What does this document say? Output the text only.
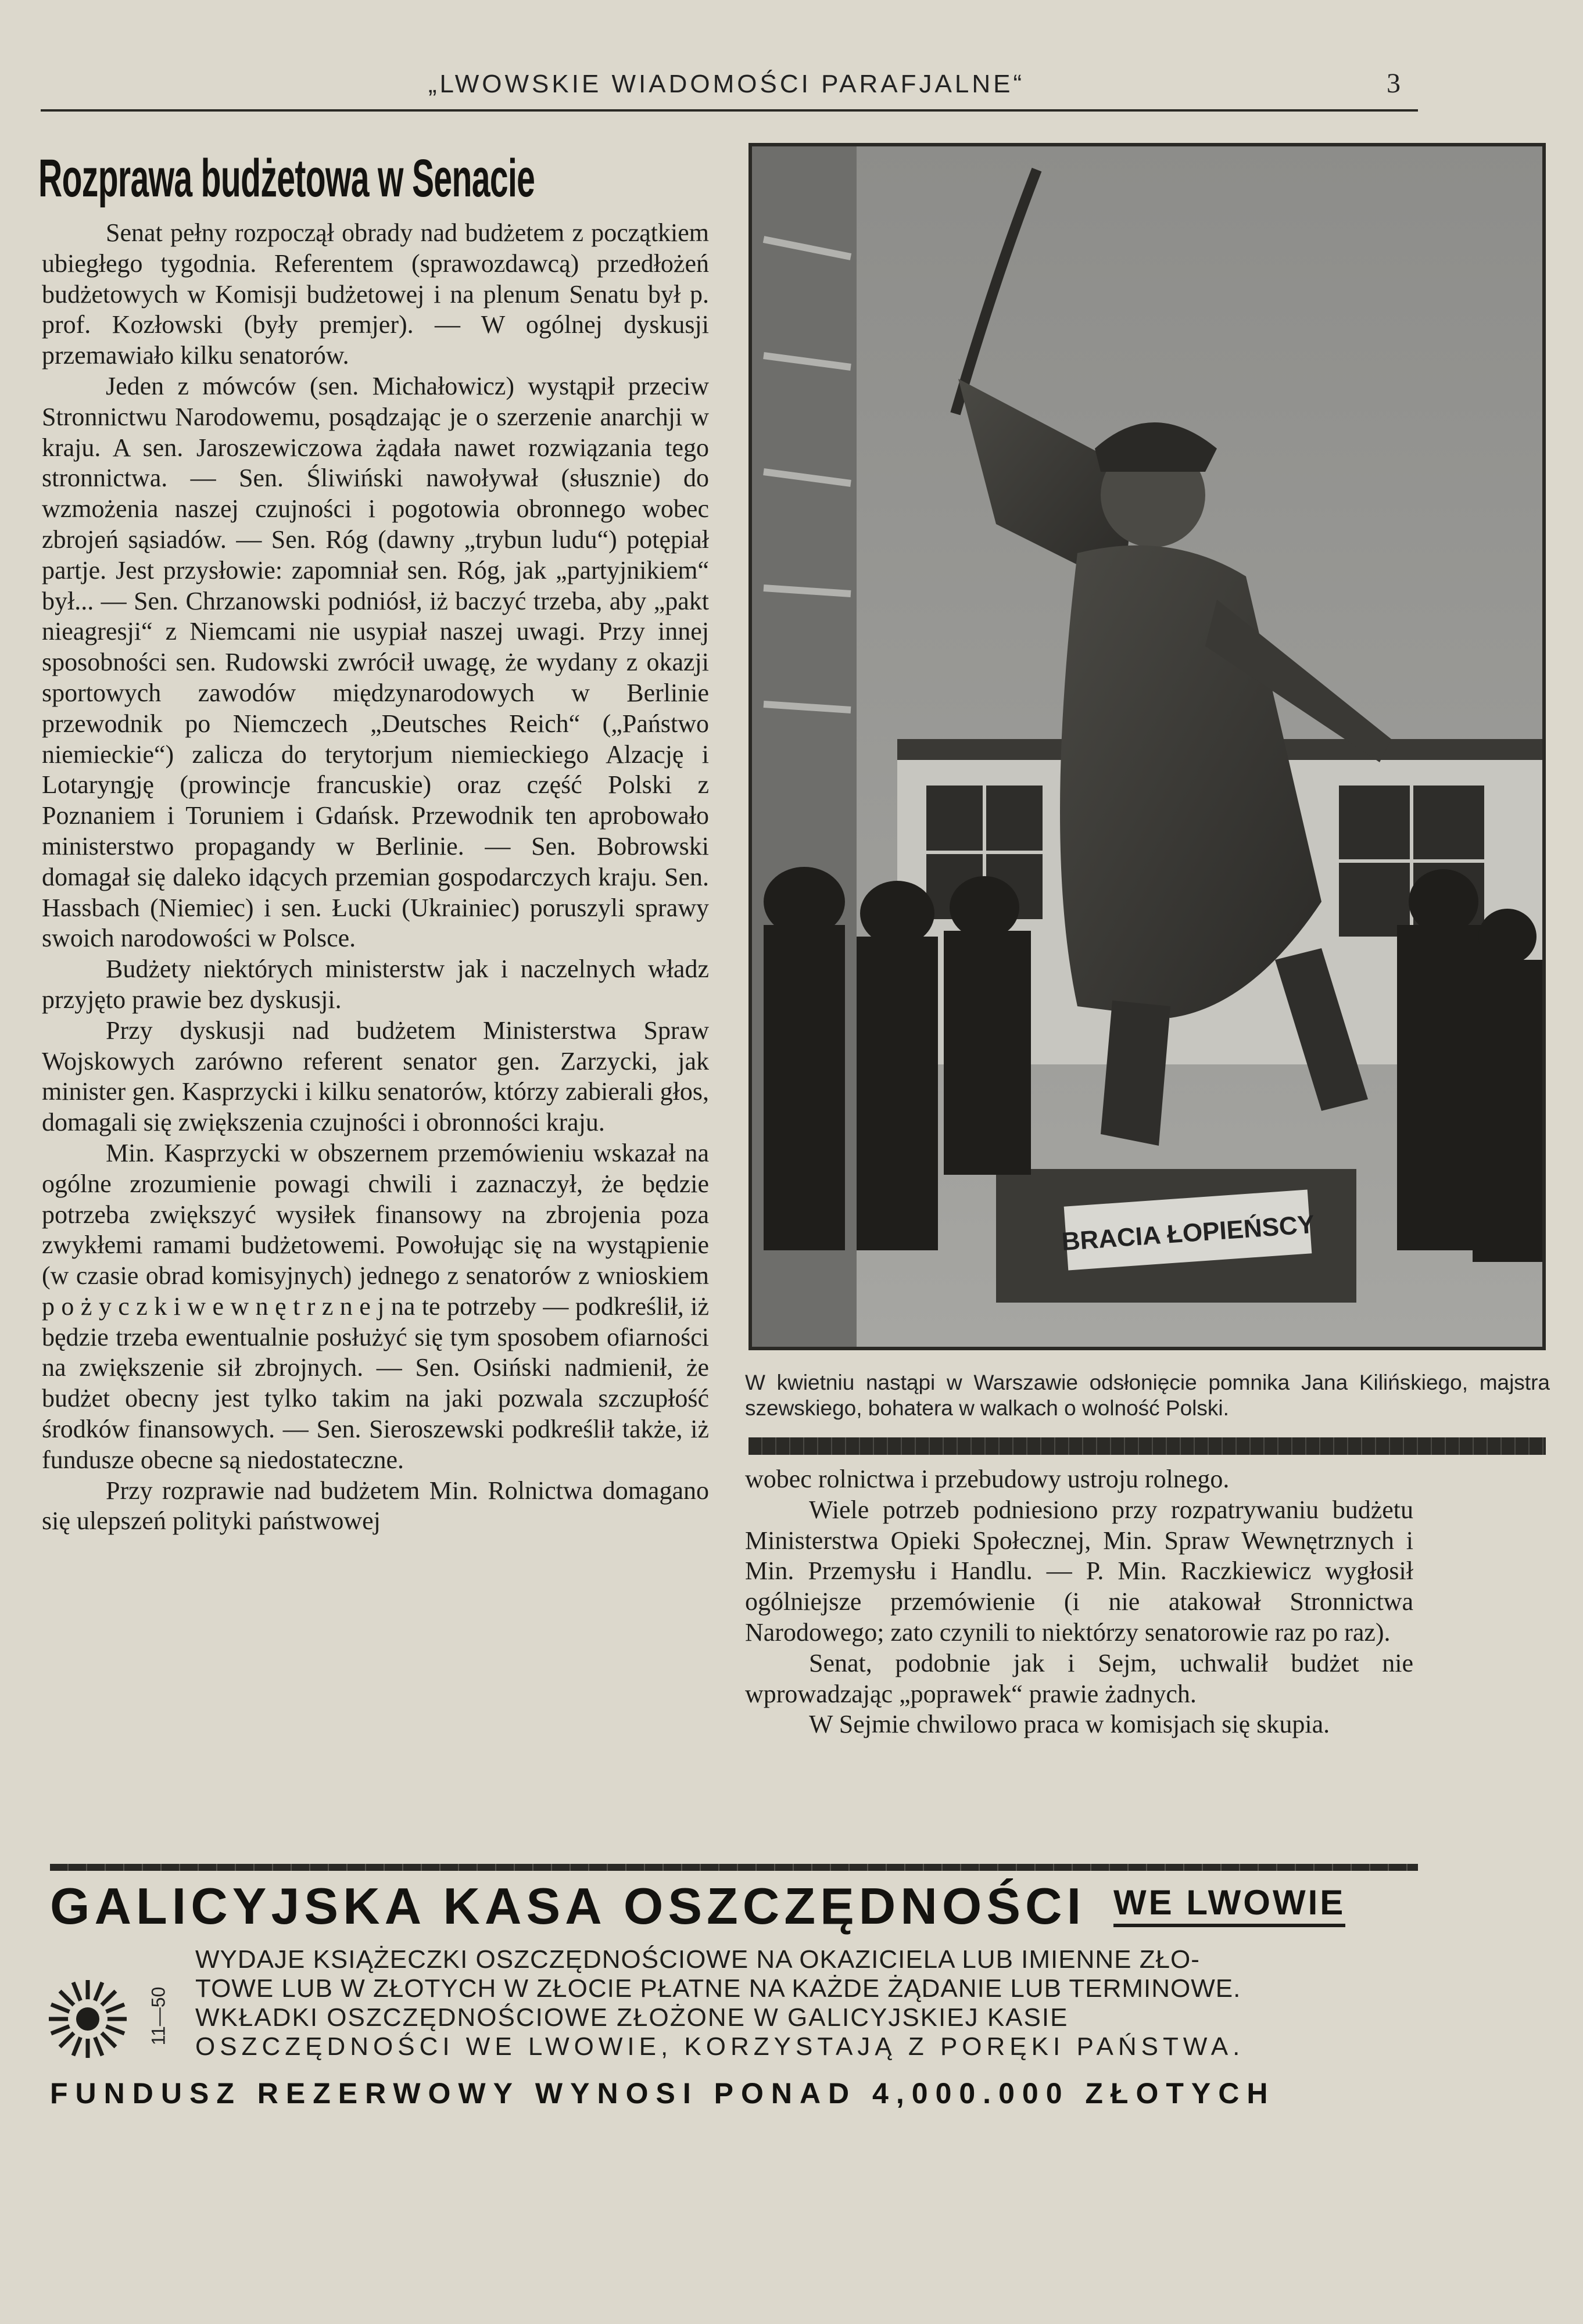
„LWOWSKIE WIADOMOŚCI PARAFJALNE“	3
Rozprawa budżetowa w Senacie

Senat pełny rozpoczął obrady nad budżetem z początkiem ubiegłego tygodnia. Referentem (sprawozdawcą) przedłożeń budżetowych w Komisji budżetowej i na plenum Senatu był p. prof. Kozłowski (były premjer). — W ogólnej dyskusji przemawiało kilku senatorów.

Jeden z mówców (sen. Michałowicz) wystąpił przeciw Stronnictwu Narodowemu, posądzając je o szerzenie anarchji w kraju. A sen. Jaroszewiczowa żądała nawet rozwiązania tego stronnictwa. — Sen. Śliwiński nawoływał (słusznie) do wzmożenia naszej czujności i pogotowia obronnego wobec zbrojeń sąsiadów. — Sen. Róg (dawny „trybun ludu“) potępiał partje. Jest przysłowie: zapomniał sen. Róg, jak „partyjnikiem“ był... — Sen. Chrzanowski podniósł, iż baczyć trzeba, aby „pakt nieagresji“ z Niemcami nie usypiał naszej uwagi. Przy innej sposobności sen. Rudowski zwrócił uwagę, że wydany z okazji sportowych zawodów międzynarodowych w Berlinie przewodnik po Niemczech „Deutsches Reich“ („Państwo niemieckie“) zalicza do terytorjum niemieckiego Alzację i Lotaryngję (prowincje francuskie) oraz część Polski z Poznaniem i Toruniem i Gdańsk. Przewodnik ten aprobowało ministerstwo propagandy w Berlinie. — Sen. Bobrowski domagał się daleko idących przemian gospodarczych kraju. Sen. Hassbach (Niemiec) i sen. Łucki (Ukrainiec) poruszyli sprawy swoich narodowości w Polsce.

Budżety niektórych ministerstw jak i naczelnych władz przyjęto prawie bez dyskusji.

Przy dyskusji nad budżetem Ministerstwa Spraw Wojskowych zarówno referent senator gen. Zarzycki, jak minister gen. Kasprzycki i kilku senatorów, którzy zabierali głos, domagali się zwiększenia czujności i obronności kraju.

Min. Kasprzycki w obszernem przemówieniu wskazał na ogólne zrozumienie powagi chwili i zaznaczył, że będzie potrzeba zwiększyć wysiłek finansowy na zbrojenia poza zwykłemi ramami budżetowemi. Powołując się na wystąpienie (w czasie obrad komisyjnych) jednego z senatorów z wnioskiem p o ż y c z k i w e w n ę t r z n e j na te potrzeby — podkreślił, iż będzie trzeba ewentualnie posłużyć się tym sposobem ofiarności na zwiększenie sił zbrojnych. — Sen. Osiński nadmienił, że budżet obecny jest tylko takim na jaki pozwala szczupłość środków finansowych. — Sen. Sieroszewski podkreślił także, iż fundusze obecne są niedostateczne.

Przy rozprawie nad budżetem Min. Rolnictwa domagano się ulepszeń polityki państwowej

BRACIA ŁOPIEŃSCY
W kwietniu nastąpi w Warszawie odsłonięcie pomnika Jana Kilińskiego, majstra szewskiego, bohatera w walkach o wolność Polski.

wobec rolnictwa i przebudowy ustroju rolnego.

Wiele potrzeb podniesiono przy rozpatrywaniu budżetu Ministerstwa Opieki Społecznej, Min. Spraw Wewnętrznych i Min. Przemysłu i Handlu. — P. Min. Raczkiewicz wygłosił ogólniejsze przemówienie (i nie atakował Stronnictwa Narodowego; zato czynili to niektórzy senatorowie raz po raz).

Senat, podobnie jak i Sejm, uchwalił budżet nie wprowadzając „poprawek“ prawie żadnych.

W Sejmie chwilowo praca w komisjach się skupia.

GALICYJSKA KASA OSZCZĘDNOŚCI WE LWOWIE
11—50
WYDAJE KSIĄŻECZKI OSZCZĘDNOŚCIOWE NA OKAZICIELA LUB IMIENNE ZŁO-
TOWE LUB W ZŁOTYCH W ZŁOCIE PŁATNE NA KAŻDE ŻĄDANIE LUB TERMINOWE.
WKŁADKI OSZCZĘDNOŚCIOWE ZŁOŻONE W GALICYJSKIEJ KASIE
OSZCZĘDNOŚCI WE LWOWIE, KORZYSTAJĄ Z PORĘKI PAŃSTWA.
FUNDUSZ REZERWOWY WYNOSI PONAD 4,000.000 ZŁOTYCH
